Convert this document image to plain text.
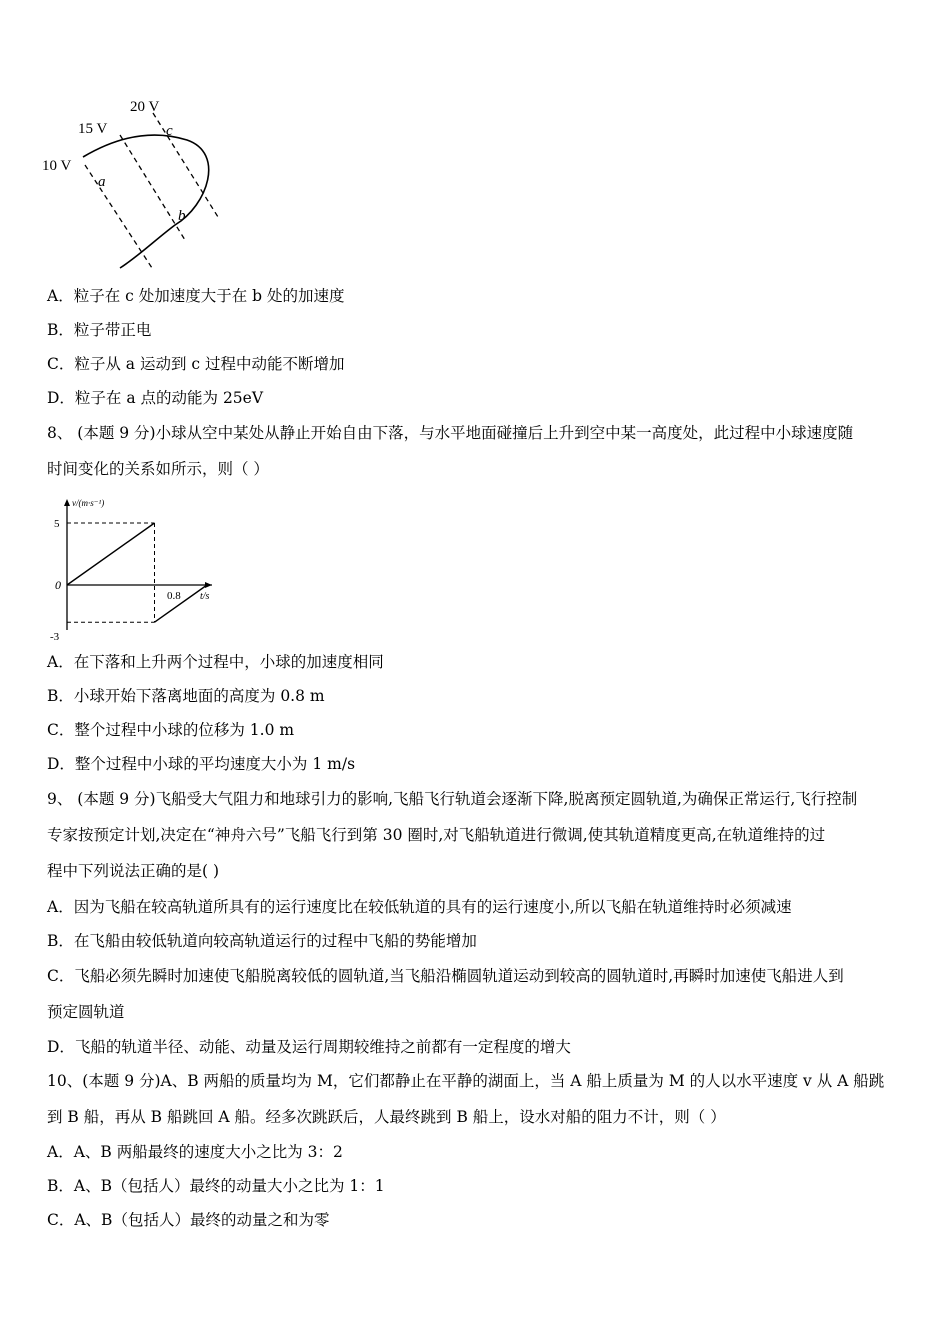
10 V
15 V
20 V
a
b
c
A．粒子在 c 处加速度大于在 b 处的加速度
B．粒子带正电
C．粒子从 a 运动到 c 过程中动能不断增加
D．粒子在 a 点的动能为 25eV
8、 (本题 9 分)小球从空中某处从静止开始自由下落，与水平地面碰撞后上升到空中某一高度处，此过程中小球速度随
时间变化的关系如所示，则（ ）
5
0
-3
0.8 t/s
v/(m·s⁻¹)
A．在下落和上升两个过程中，小球的加速度相同
B．小球开始下落离地面的高度为 0.8 m
C．整个过程中小球的位移为 1.0 m
D．整个过程中小球的平均速度大小为 1 m/s
9、 (本题 9 分)飞船受大气阻力和地球引力的影响,飞船飞行轨道会逐渐下降,脱离预定圆轨道,为确保正常运行,飞行控制
专家按预定计划,决定在“神舟六号”飞船飞行到第 30 圈时,对飞船轨道进行微调,使其轨道精度更高,在轨道维持的过
程中下列说法正确的是( )
A．因为飞船在较高轨道所具有的运行速度比在较低轨道的具有的运行速度小,所以飞船在轨道维持时必须减速
B．在飞船由较低轨道向较高轨道运行的过程中飞船的势能增加
C．飞船必须先瞬时加速使飞船脱离较低的圆轨道,当飞船沿椭圆轨道运动到较高的圆轨道时,再瞬时加速使飞船进人到
预定圆轨道
D．飞船的轨道半径、动能、动量及运行周期较维持之前都有一定程度的增大
10、(本题 9 分)A、B 两船的质量均为 M，它们都静止在平静的湖面上，当 A 船上质量为 M 的人以水平速度 v 从 A 船跳
到 B 船，再从 B 船跳回 A 船。经多次跳跃后，人最终跳到 B 船上，设水对船的阻力不计，则（ ）
A．A、B 两船最终的速度大小之比为 3：2
B．A、B（包括人）最终的动量大小之比为 1：1
C．A、B（包括人）最终的动量之和为零
